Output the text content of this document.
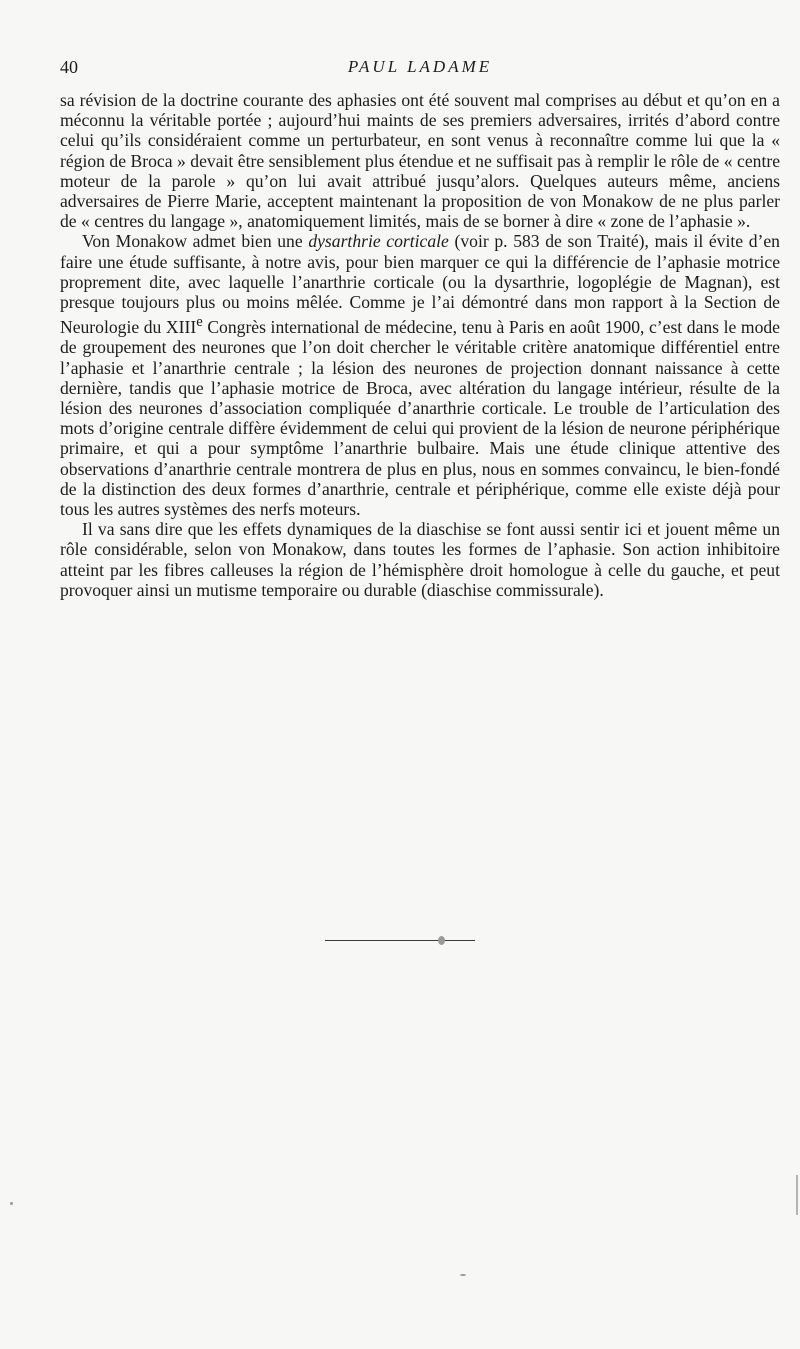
40	PAUL LADAME

sa révision de la doctrine courante des aphasies ont été souvent mal comprises au début et qu’on en a méconnu la véritable portée ; aujourd’hui maints de ses premiers adversaires, irrités d’abord contre celui qu’ils considéraient comme un perturbateur, en sont venus à reconnaître comme lui que la « région de Broca » devait être sensiblement plus étendue et ne suffisait pas à remplir le rôle de « centre moteur de la parole » qu’on lui avait attribué jusqu’alors. Quelques auteurs même, anciens adversaires de Pierre Marie, acceptent maintenant la proposition de von Monakow de ne plus parler de « centres du langage », anatomiquement limités, mais de se borner à dire « zone de l’aphasie ».

Von Monakow admet bien une dysarthrie corticale (voir p. 583 de son Traité), mais il évite d’en faire une étude suffisante, à notre avis, pour bien marquer ce qui la différencie de l’aphasie motrice proprement dite, avec laquelle l’anarthrie corticale (ou la dysarthrie, logoplégie de Magnan), est presque toujours plus ou moins mêlée. Comme je l’ai démontré dans mon rapport à la Section de Neurologie du XIIIe Congrès international de médecine, tenu à Paris en août 1900, c’est dans le mode de groupement des neurones que l’on doit chercher le véritable critère anatomique différentiel entre l’aphasie et l’anarthrie centrale ; la lésion des neurones de projection donnant naissance à cette dernière, tandis que l’aphasie motrice de Broca, avec altération du langage intérieur, résulte de la lésion des neurones d’association compliquée d’anarthrie corticale. Le trouble de l’articulation des mots d’origine centrale diffère évidemment de celui qui provient de la lésion de neurone périphérique primaire, et qui a pour symptôme l’anarthrie bulbaire. Mais une étude clinique attentive des observations d’anarthrie centrale montrera de plus en plus, nous en sommes convaincu, le bien-fondé de la distinction des deux formes d’anarthrie, centrale et périphérique, comme elle existe déjà pour tous les autres systèmes des nerfs moteurs.

Il va sans dire que les effets dynamiques de la diaschise se font aussi sentir ici et jouent même un rôle considérable, selon von Monakow, dans toutes les formes de l’aphasie. Son action inhibitoire atteint par les fibres calleuses la région de l’hémisphère droit homologue à celle du gauche, et peut provoquer ainsi un mutisme temporaire ou durable (diaschise commissurale).
